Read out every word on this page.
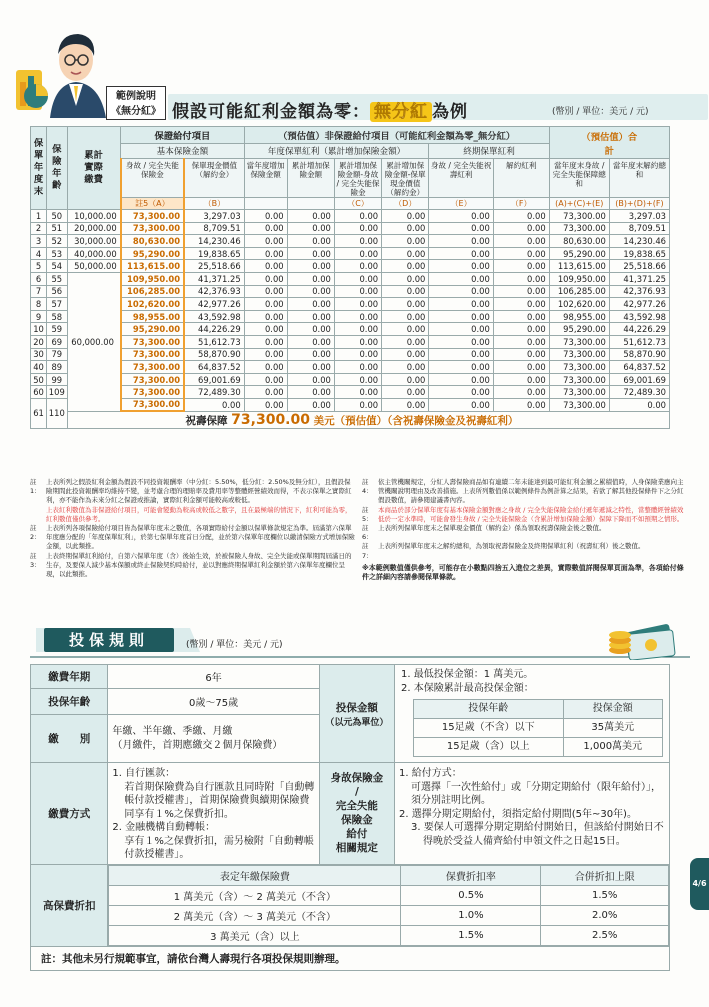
範例說明
《無分紅》 假設可能紅利金額為零： 無分紅 為例	(幣別 / 單位：美元 / 元)
保單年度末	保險年齡	累計實際繳費	保證給付項目		（預估值）非保證給付項目（可能紅利金額為零_無分紅）						（預估值）合 計	
			基本保險金額		年度保單紅利（累計增加保險金額）				終期保單紅利			
			身故 / 完全失能保險金	保單現金價值（解約金）	當年度增加保險金額	累計增加保險金額	累計增加保險金額-身故 / 完全失能保險金	累計增加保險金額-保單現金價值（解約金）	身故 / 完全失能祝壽紅利	解約紅利	當年度末身故 / 完全失能保障總和	當年度末解約總和
			註5（A）	（B）			（C）	（D）	（E）	（F）	(A)+(C)+(E)	(B)+(D)+(F)
1	50	10,000.00	73,300.00	3,297.03	0.00	0.00	0.00	0.00	0.00	0.00	73,300.00	3,297.03
2	51	20,000.00	73,300.00	8,709.51	0.00	0.00	0.00	0.00	0.00	0.00	73,300.00	8,709.51
3	52	30,000.00	80,630.00	14,230.46	0.00	0.00	0.00	0.00	0.00	0.00	80,630.00	14,230.46
4	53	40,000.00	95,290.00	19,838.65	0.00	0.00	0.00	0.00	0.00	0.00	95,290.00	19,838.65
5	54	50,000.00	113,615.00	25,518.66	0.00	0.00	0.00	0.00	0.00	0.00	113,615.00	25,518.66
6	55	60,000.00	109,950.00	41,371.25	0.00	0.00	0.00	0.00	0.00	0.00	109,950.00	41,371.25
7	56		106,285.00	42,376.93	0.00	0.00	0.00	0.00	0.00	0.00	106,285.00	42,376.93
8	57		102,620.00	42,977.26	0.00	0.00	0.00	0.00	0.00	0.00	102,620.00	42,977.26
9	58		98,955.00	43,592.98	0.00	0.00	0.00	0.00	0.00	0.00	98,955.00	43,592.98
10	59		95,290.00	44,226.29	0.00	0.00	0.00	0.00	0.00	0.00	95,290.00	44,226.29
20	69		73,300.00	51,612.73	0.00	0.00	0.00	0.00	0.00	0.00	73,300.00	51,612.73
30	79		73,300.00	58,870.90	0.00	0.00	0.00	0.00	0.00	0.00	73,300.00	58,870.90
40	89		73,300.00	64,837.52	0.00	0.00	0.00	0.00	0.00	0.00	73,300.00	64,837.52
50	99		73,300.00	69,001.69	0.00	0.00	0.00	0.00	0.00	0.00	73,300.00	69,001.69
60	109		73,300.00	72,489.30	0.00	0.00	0.00	0.00	0.00	0.00	73,300.00	72,489.30
61	110		73,300.00	0.00	0.00	0.00	0.00	0.00	0.00	0.00	73,300.00	0.00
		祝壽保障 73,300.00 美元（預估值）（含祝壽保險金及祝壽紅利）										
註 1：
上表所列之假設紅利金額為假設不同投資報酬率（中分紅：5.50%，低分紅：2.50%及無分紅），且假設保險期間此投資報酬率均維持不變，並考慮合理的理賠率及費用率等整體經營績效而得，不表示保單之實際紅利，亦不能作為未來分紅之保證或推論，實際紅利金額可能較高或較低。
上表紅利數值為非保證給付項目，可能會變動為較高或較低之數字，且在最極端的情況下，紅利可能為零，紅利數值僅供參考。
註 2：
上表所列各項保險給付項目皆為保單年度末之數值，各項實際給付金額以保單條款規定為準。屆滿第六保單年度應分配的「年度保單紅利」，於第七保單年度首日分配，並於第六保單年度欄位以繳清保險方式增加保險金額，以此類推。
註 3：
上表終期保單紅利給付，自第六保單年度（含）後始生效，於被保險人身故、完全失能或保單期間屆滿日的生存，及要保人減少基本保額或終止保險契約時給付，並以對應終期保單紅利金額於第六保單年度欄位呈現，以此類推。
註 4：
依主管機關規定，分紅人壽保險商品如有連續二年未能達到最可能紅利金額之累積值時，人身保險業應向主管機關說明理由及改善措施。上表所列數值係以範例條件為例計算之結果，若欲了解其他投保條件下之分紅假設數值，請參閱建議書內容。
註 5：
本商品於部分保單年度有基本保險金額對應之身故 / 完全失能保險金給付遞年遞減之特性，當整體經營績效低於一定水準時，可能會發生身故 / 完全失能保險金（含累計增加保險金額）保障下降而不如預期之情形。
註 6：
上表所列保單年度末之保單現金價值（解約金）係為領取祝壽保險金後之數值。
註 7：
上表所列保單年度末之解約總和，為領取祝壽保險金及終期保單紅利（祝壽紅利）後之數值。
※本範例數值僅供參考，可能存在小數點四捨五入進位之差異，實際數值詳閱保單頁面為準，各項給付條件之詳細內容請參閱保單條款。
投保規則	(幣別 / 單位：美元 / 元)
繳費年期	6年	投保金額
（以元為單位）	
1. 最低投保金額：1 萬美元。
2. 本保險累計最高投保金額：
投保年齡	投保金額
15足歲（不含）以下	35萬美元
15足歲（含）以上	1,000萬美元

投保年齡	0歲～75歲
繳　　別	
年繳、半年繳、季繳、月繳
（月繳件，首期應繳交２個月保險費）

繳費方式	
1. 自行匯款：
若首期保險費為自行匯款且同時附「自動轉帳付款授權書」，首期保險費與續期保險費同享有１%之保費折扣。
2. 金融機構自動轉帳：
享有１%之保費折扣，需另檢附「自動轉帳付款授權書」。

身故保險金
/
完全失能
保險金
給付
相關規定

1. 給付方式：
可選擇「一次性給付」或「分期定期給付（限年給付）」，須分別註明比例。
2. 選擇分期定期給付，須指定給付期間(5年~30年)。
3. 要保人可選擇分期定期給付開始日，但該給付開始日不得晚於受益人備齊給付申領文件之日起15日。

高保費折扣	
表定年繳保險費	保費折扣率	合併折扣上限
1 萬美元（含）～ 2 萬美元（不含）	0.5%	1.5%
2 萬美元（含）～ 3 萬美元（不含）	1.0%	2.0%
3 萬美元（含）以上	1.5%	2.5%

註：其他未另行規範事宜，請依台灣人壽現行各項投保規則辦理。
4/6
